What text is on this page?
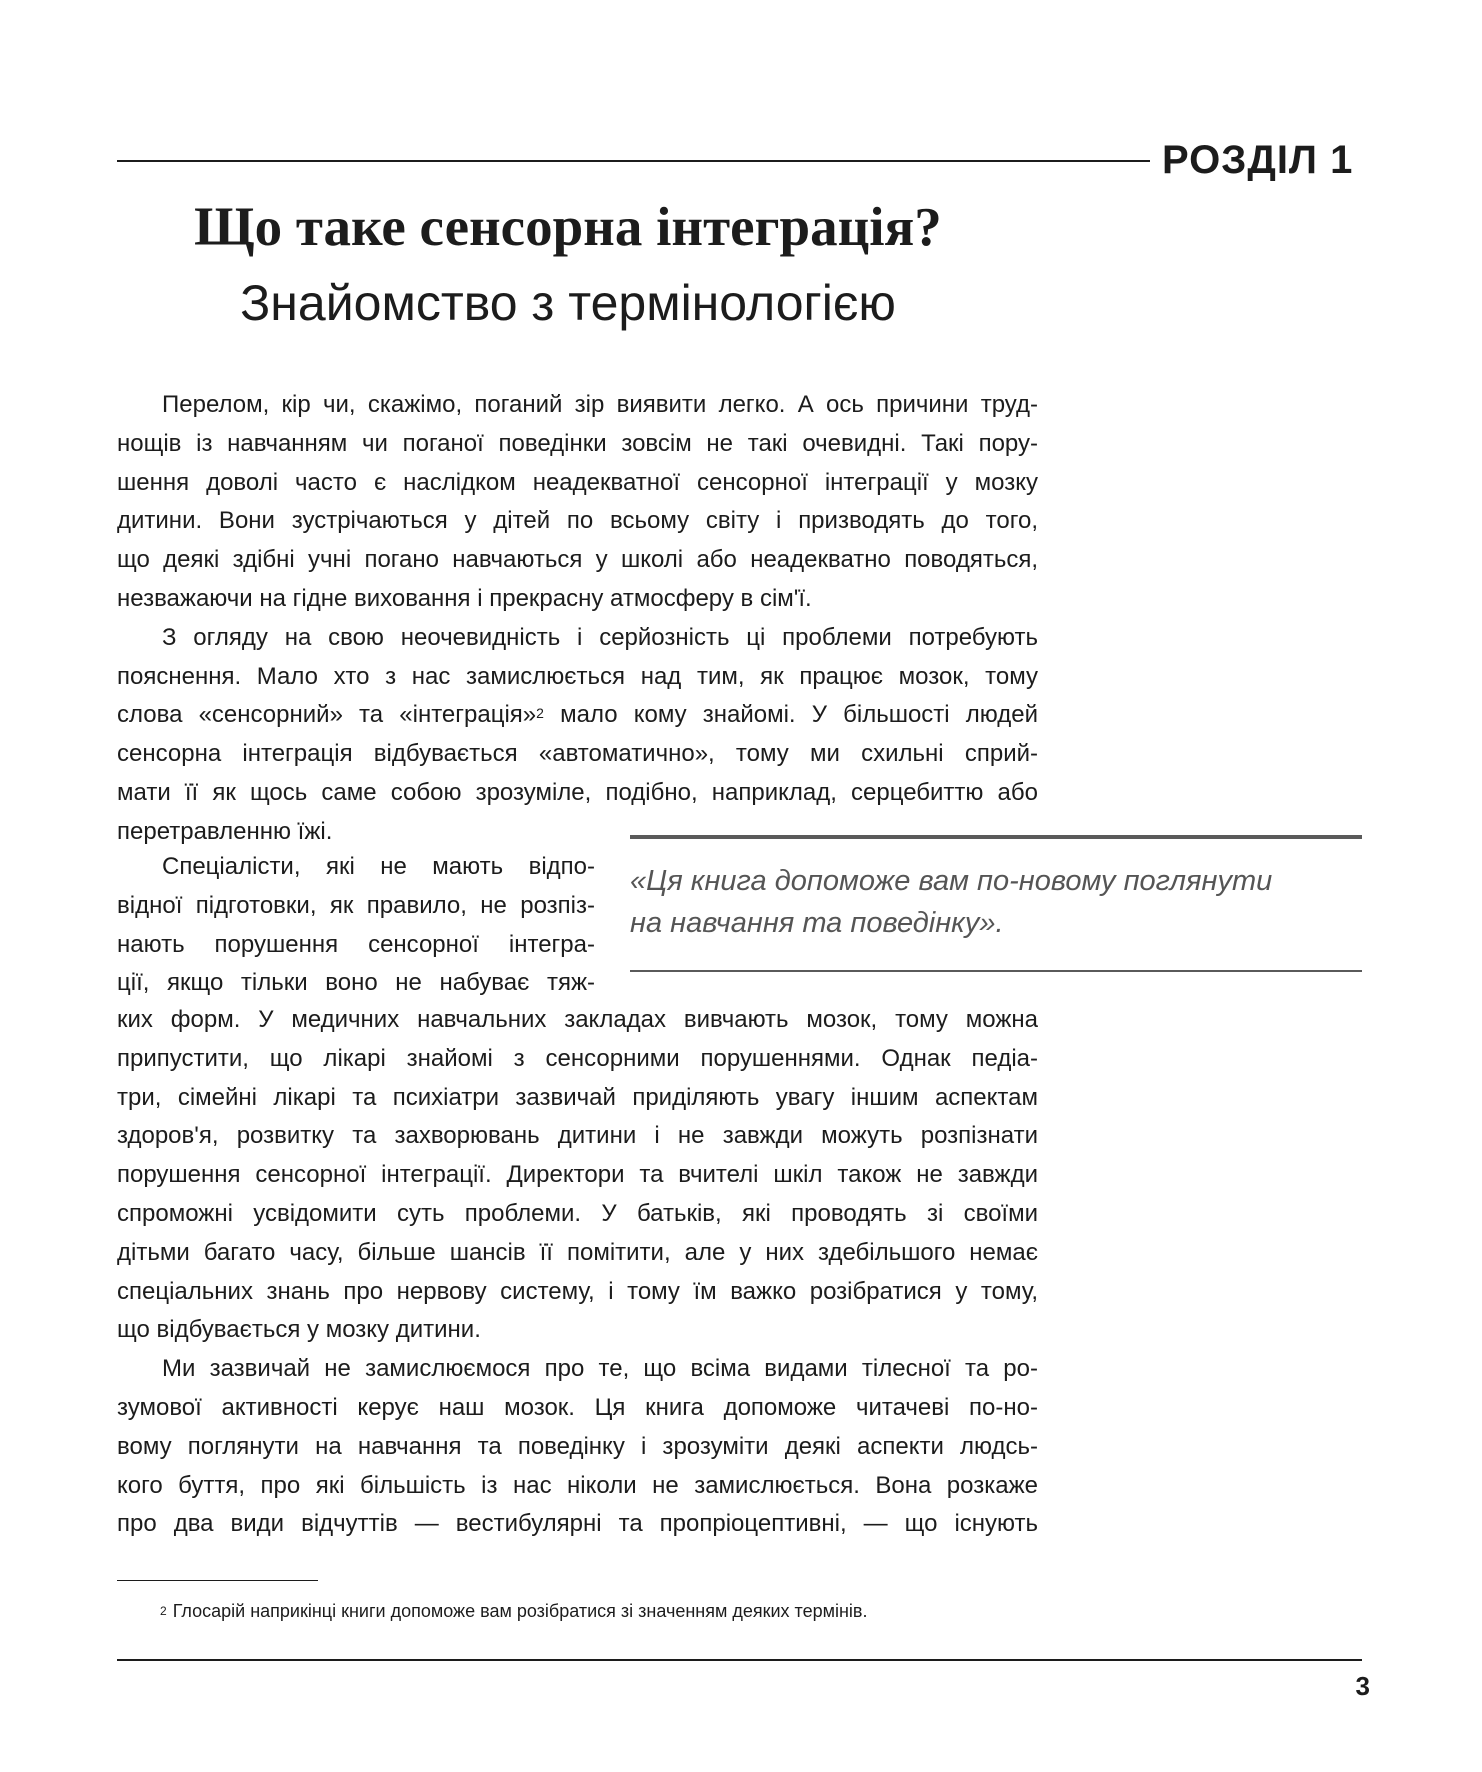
РОЗДІЛ 1
Що таке сенсорна інтеграція?
Знайомство з термінологією
Перелом, кір чи, скажімо, поганий зір виявити легко. А ось причини труд-
нощів із навчанням чи поганої поведінки зовсім не такі очевидні. Такі пору-
шення доволі часто є наслідком неадекватної сенсорної інтеграції у мозку
дитини. Вони зустрічаються у дітей по всьому світу і призводять до того,
що деякі здібні учні погано навчаються у школі або неадекватно поводяться,
незважаючи на гідне виховання і прекрасну атмосферу в сім'ї.
З огляду на свою неочевидність і серйозність ці проблеми потребують
пояснення. Мало хто з нас замислюється над тим, як працює мозок, тому
слова «сенсорний» та «інтеграція»$^2$ мало кому знайомі. У більшості людей
сенсорна інтеграція відбувається «автоматично», тому ми схильні сприй-
мати її як щось саме собою зрозуміле, подібно, наприклад, серцебиттю або
перетравленню їжі.
Спеціалісти, які не мають відпо-
відної підготовки, як правило, не розпіз-
нають порушення сенсорної інтегра-
ції, якщо тільки воно не набуває тяж-
«Ця книга допоможе вам по-новому поглянути
на навчання та поведінку».
ких форм. У медичних навчальних закладах вивчають мозок, тому можна
припустити, що лікарі знайомі з сенсорними порушеннями. Однак педіа-
три, сімейні лікарі та психіатри зазвичай приділяють увагу іншим аспектам
здоров'я, розвитку та захворювань дитини і не завжди можуть розпізнати
порушення сенсорної інтеграції. Директори та вчителі шкіл також не завжди
спроможні усвідомити суть проблеми. У батьків, які проводять зі своїми
дітьми багато часу, більше шансів її помітити, але у них здебільшого немає
спеціальних знань про нервову систему, і тому їм важко розібратися у тому,
що відбувається у мозку дитини.
Ми зазвичай не замислюємося про те, що всіма видами тілесної та ро-
зумової активності керує наш мозок. Ця книга допоможе читачеві по-но-
вому поглянути на навчання та поведінку і зрозуміти деякі аспекти людсь-
кого буття, про які більшість із нас ніколи не замислюється. Вона розкаже
про два види відчуттів — вестибулярні та пропріоцептивні, — що існують
$^2$ Глосарій наприкінці книги допоможе вам розібратися зі значенням деяких термінів.
3
